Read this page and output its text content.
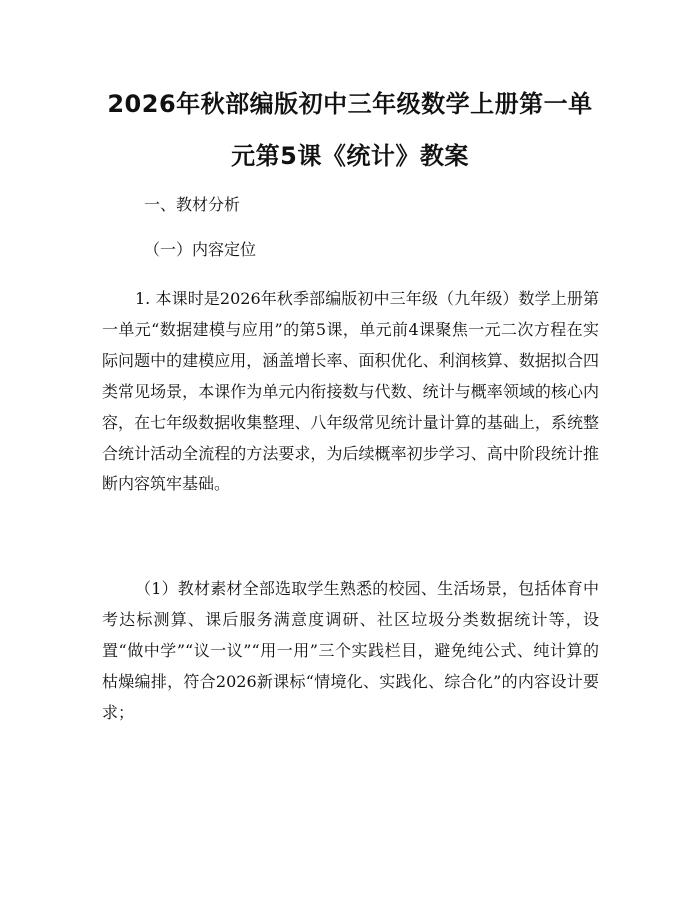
2026年秋部编版初中三年级数学上册第一单元第5课《统计》教案

一、教材分析

（一）内容定位

1. 本课时是2026年秋季部编版初中三年级（九年级）数学上册第一单元“数据建模与应用”的第5课，单元前4课聚焦一元二次方程在实际问题中的建模应用，涵盖增长率、面积优化、利润核算、数据拟合四类常见场景，本课作为单元内衔接数与代数、统计与概率领域的核心内容，在七年级数据收集整理、八年级常见统计量计算的基础上，系统整合统计活动全流程的方法要求，为后续概率初步学习、高中阶段统计推断内容筑牢基础。

（1）教材素材全部选取学生熟悉的校园、生活场景，包括体育中考达标测算、课后服务满意度调研、社区垃圾分类数据统计等，设置“做中学”“议一议”“用一用”三个实践栏目，避免纯公式、纯计算的枯燥编排，符合2026新课标“情境化、实践化、综合化”的内容设计要求；
